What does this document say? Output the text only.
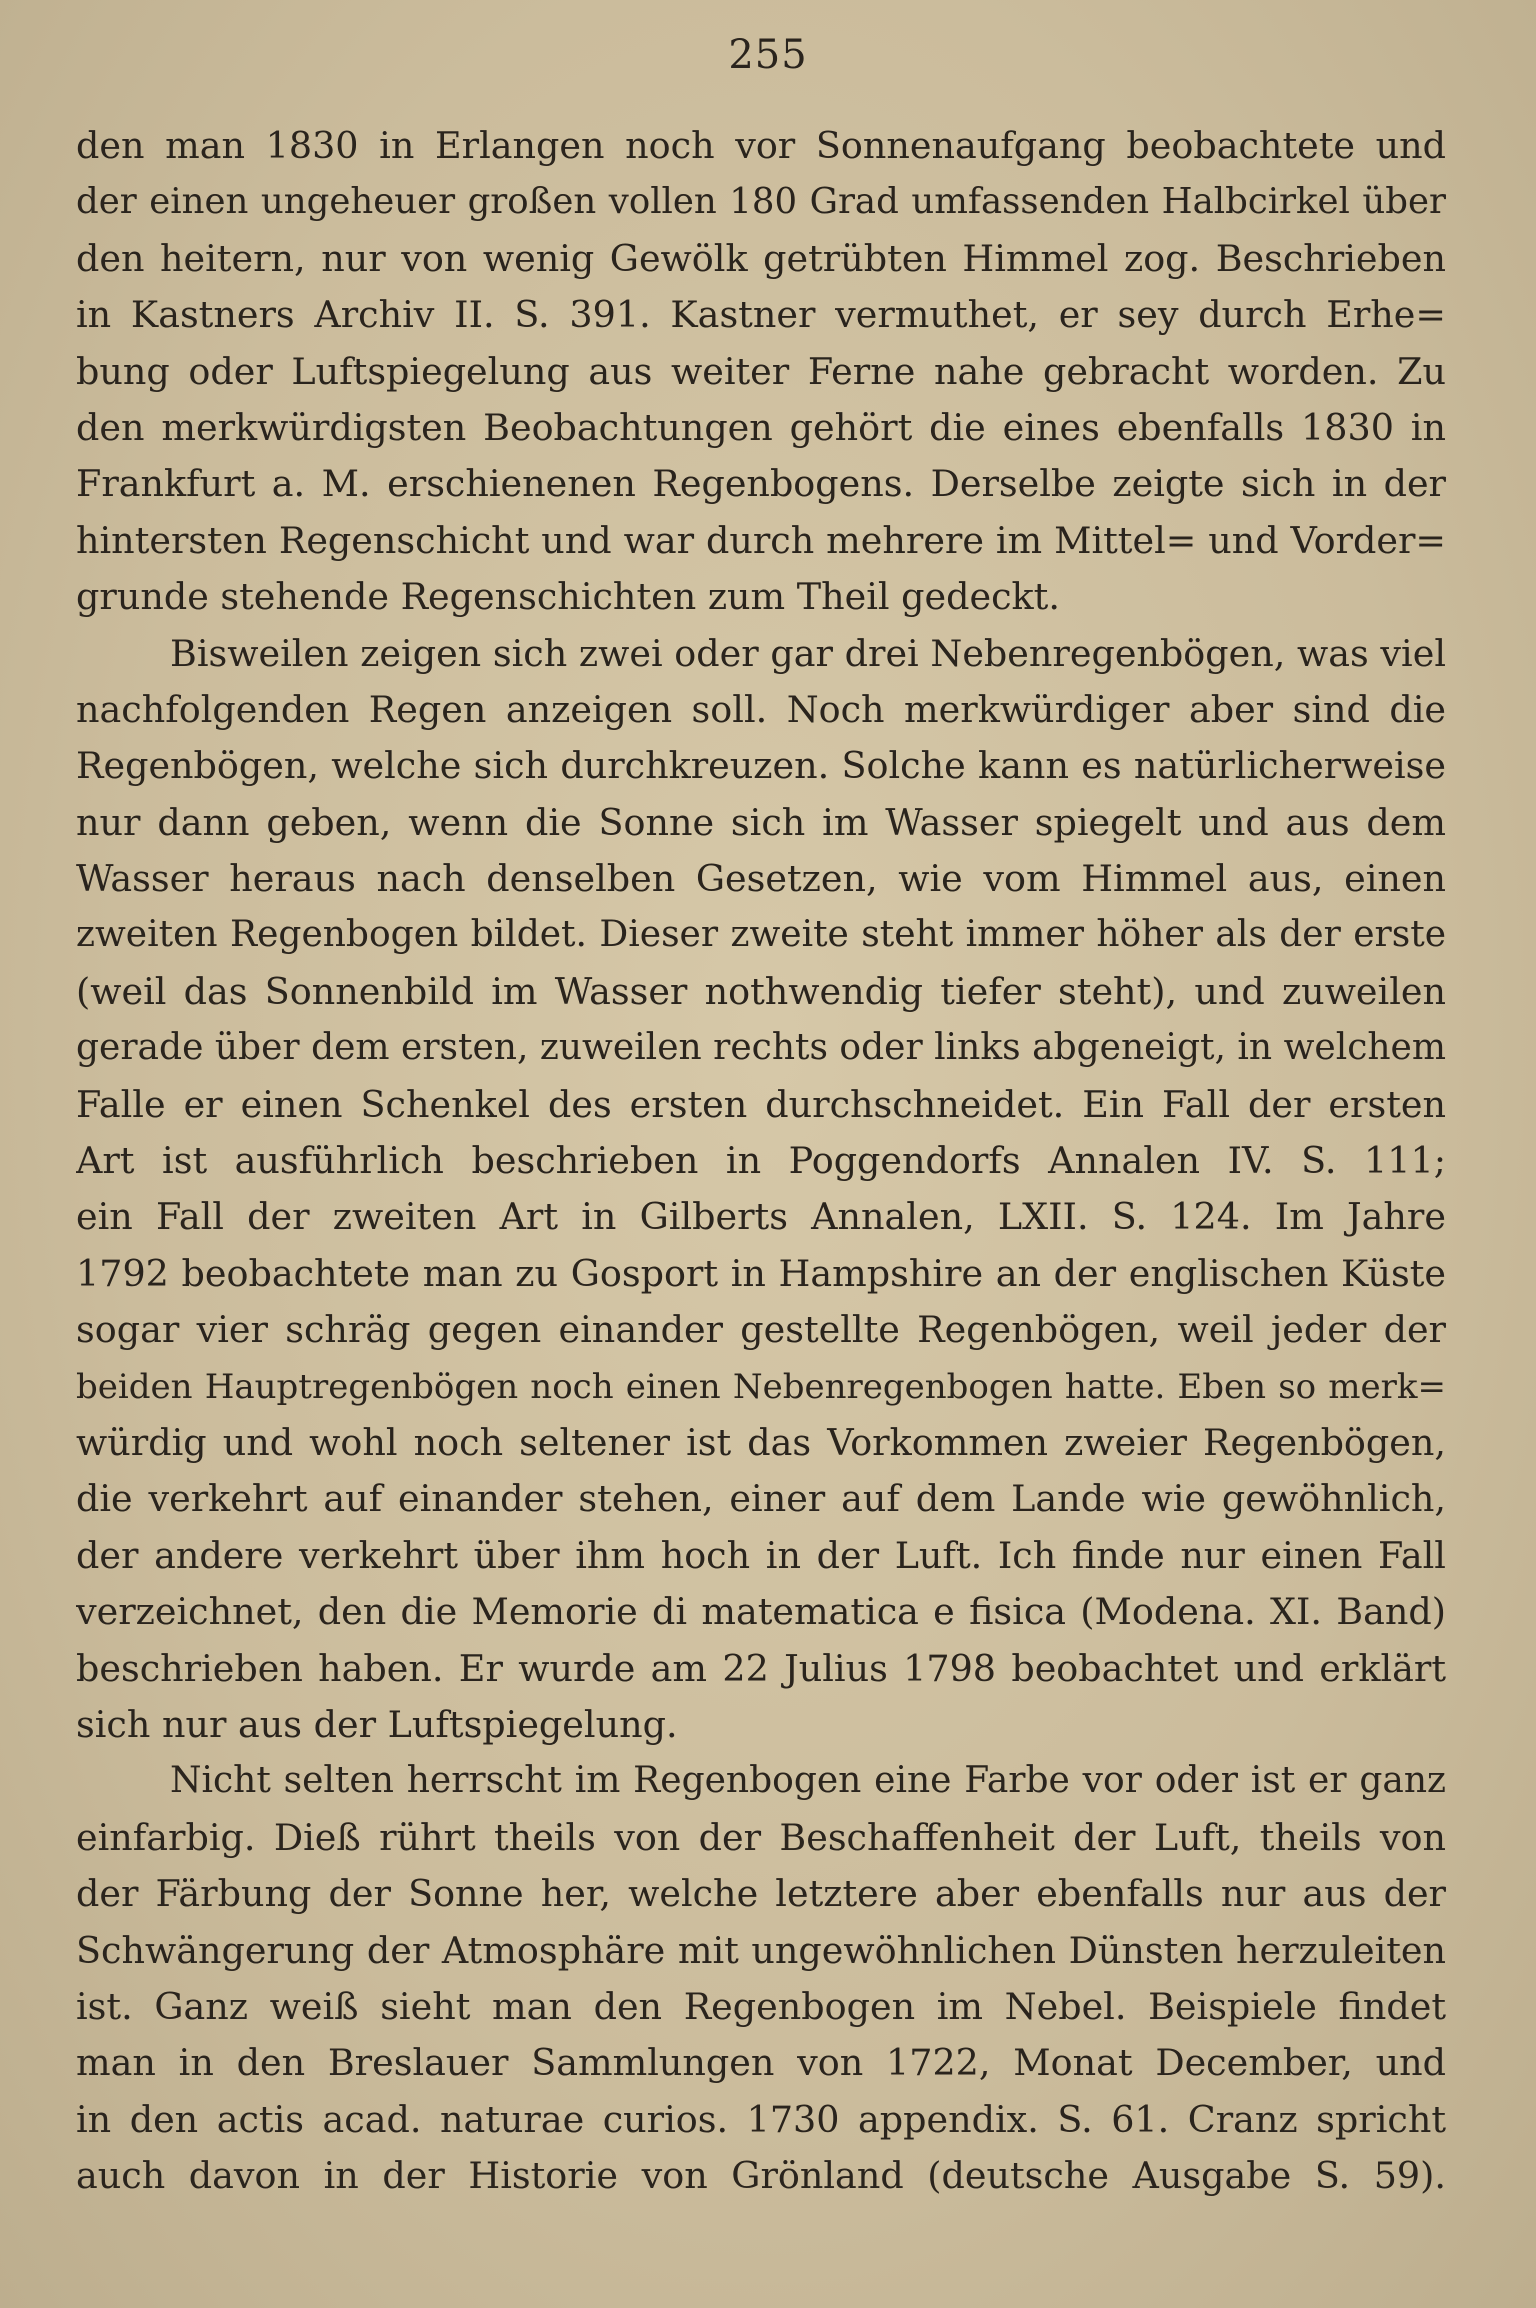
255
den man 1830 in Erlangen noch vor Sonnenaufgang beobachtete und
der einen ungeheuer großen vollen 180 Grad umfassenden Halbcirkel über
den heitern, nur von wenig Gewölk getrübten Himmel zog. Beschrieben
in Kastners Archiv II. S. 391. Kastner vermuthet, er sey durch Erhe=
bung oder Luftspiegelung aus weiter Ferne nahe gebracht worden. Zu
den merkwürdigsten Beobachtungen gehört die eines ebenfalls 1830 in
Frankfurt a. M. erschienenen Regenbogens. Derselbe zeigte sich in der
hintersten Regenschicht und war durch mehrere im Mittel= und Vorder=
grunde stehende Regenschichten zum Theil gedeckt.
Bisweilen zeigen sich zwei oder gar drei Nebenregenbögen, was viel
nachfolgenden Regen anzeigen soll. Noch merkwürdiger aber sind die
Regenbögen, welche sich durchkreuzen. Solche kann es natürlicherweise
nur dann geben, wenn die Sonne sich im Wasser spiegelt und aus dem
Wasser heraus nach denselben Gesetzen, wie vom Himmel aus, einen
zweiten Regenbogen bildet. Dieser zweite steht immer höher als der erste
(weil das Sonnenbild im Wasser nothwendig tiefer steht), und zuweilen
gerade über dem ersten, zuweilen rechts oder links abgeneigt, in welchem
Falle er einen Schenkel des ersten durchschneidet. Ein Fall der ersten
Art ist ausführlich beschrieben in Poggendorfs Annalen IV. S. 111;
ein Fall der zweiten Art in Gilberts Annalen, LXII. S. 124. Im Jahre
1792 beobachtete man zu Gosport in Hampshire an der englischen Küste
sogar vier schräg gegen einander gestellte Regenbögen, weil jeder der
beiden Hauptregenbögen noch einen Nebenregenbogen hatte. Eben so merk=
würdig und wohl noch seltener ist das Vorkommen zweier Regenbögen,
die verkehrt auf einander stehen, einer auf dem Lande wie gewöhnlich,
der andere verkehrt über ihm hoch in der Luft. Ich finde nur einen Fall
verzeichnet, den die Memorie di matematica e fisica (Modena. XI. Band)
beschrieben haben. Er wurde am 22 Julius 1798 beobachtet und erklärt
sich nur aus der Luftspiegelung.
Nicht selten herrscht im Regenbogen eine Farbe vor oder ist er ganz
einfarbig. Dieß rührt theils von der Beschaffenheit der Luft, theils von
der Färbung der Sonne her, welche letztere aber ebenfalls nur aus der
Schwängerung der Atmosphäre mit ungewöhnlichen Dünsten herzuleiten
ist. Ganz weiß sieht man den Regenbogen im Nebel. Beispiele findet
man in den Breslauer Sammlungen von 1722, Monat December, und
in den actis acad. naturae curios. 1730 appendix. S. 61. Cranz spricht
auch davon in der Historie von Grönland (deutsche Ausgabe S. 59).
